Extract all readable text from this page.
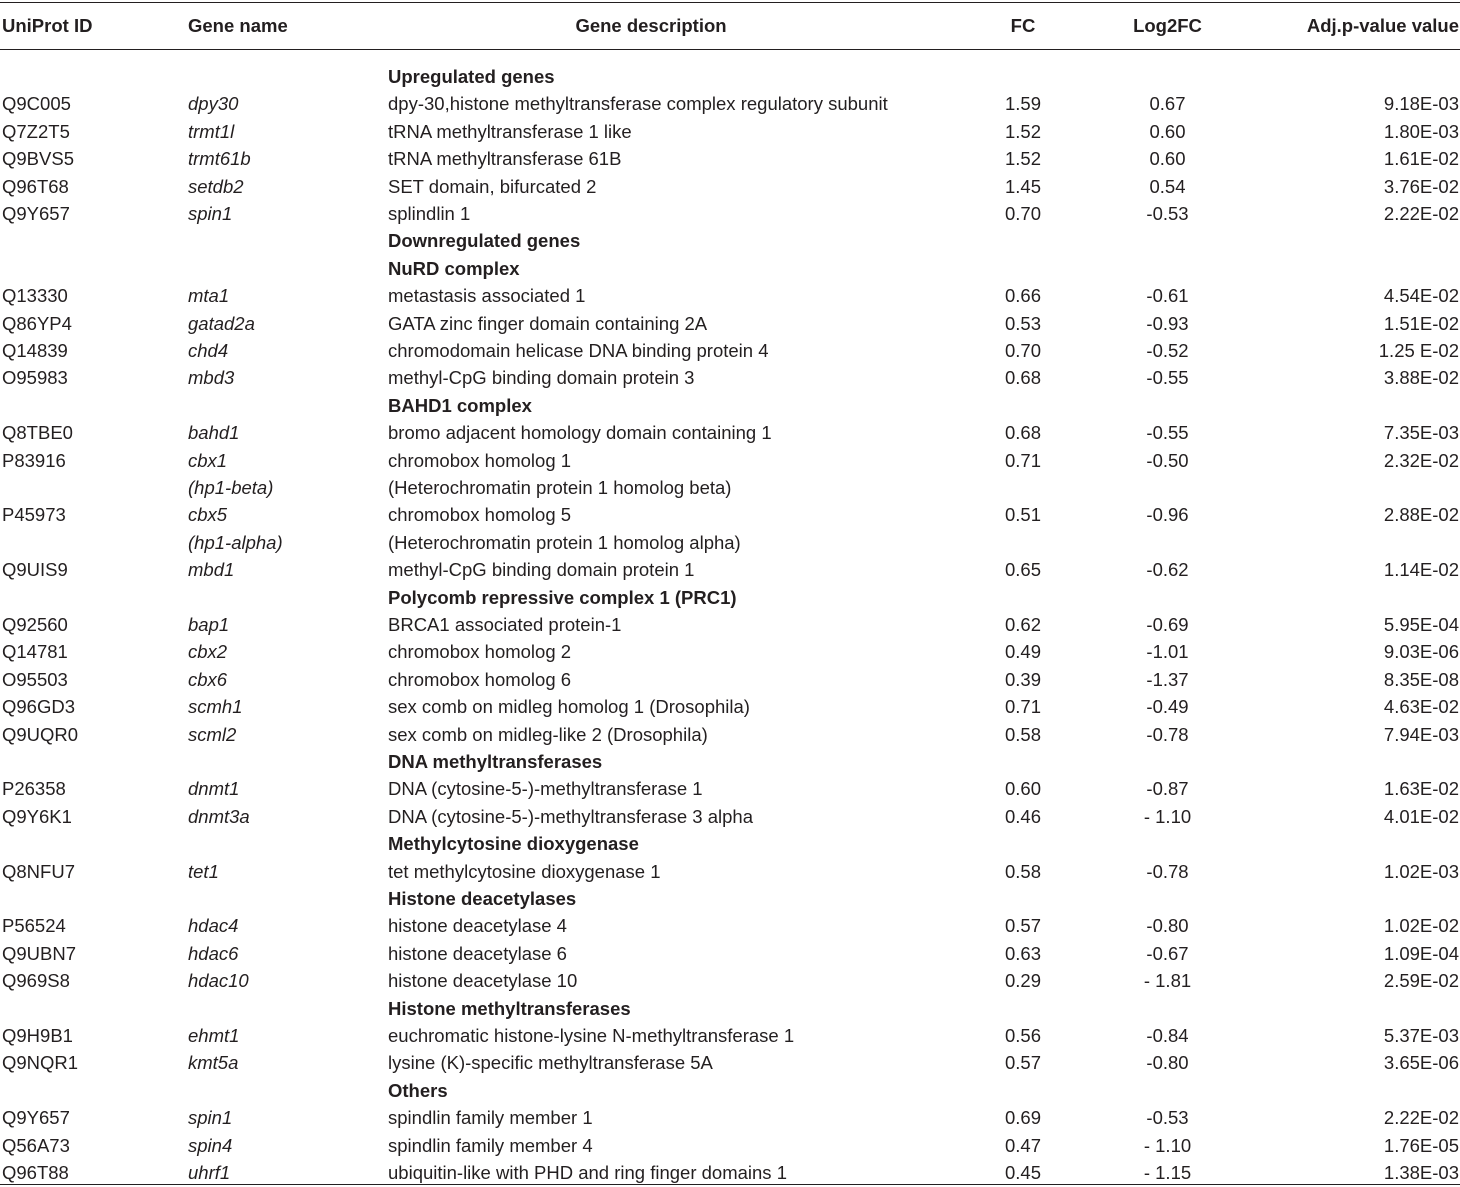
UniProt ID	Gene name	Gene description	FC	Log2FC	Adj.p-value value
Upregulated genes
Q9C005	dpy30	dpy-30,histone methyltransferase complex regulatory subunit	1.59	0.67	9.18E-03
Q7Z2T5	trmt1l	tRNA methyltransferase 1 like	1.52	0.60	1.80E-03
Q9BVS5	trmt61b	tRNA methyltransferase 61B	1.52	0.60	1.61E-02
Q96T68	setdb2	SET domain, bifurcated 2	1.45	0.54	3.76E-02
Q9Y657	spin1	splindlin 1	0.70	-0.53	2.22E-02
Downregulated genes
NuRD complex
Q13330	mta1	metastasis associated 1	0.66	-0.61	4.54E-02
Q86YP4	gatad2a	GATA zinc finger domain containing 2A	0.53	-0.93	1.51E-02
Q14839	chd4	chromodomain helicase DNA binding protein 4	0.70	-0.52	1.25 E-02
O95983	mbd3	methyl-CpG binding domain protein 3	0.68	-0.55	3.88E-02
BAHD1 complex
Q8TBE0	bahd1	bromo adjacent homology domain containing 1	0.68	-0.55	7.35E-03
P83916	cbx1	chromobox homolog 1	0.71	-0.50	2.32E-02
(hp1-beta)	(Heterochromatin protein 1 homolog beta)
P45973	cbx5	chromobox homolog 5	0.51	-0.96	2.88E-02
(hp1-alpha)	(Heterochromatin protein 1 homolog alpha)
Q9UIS9	mbd1	methyl-CpG binding domain protein 1	0.65	-0.62	1.14E-02
Polycomb repressive complex 1 (PRC1)
Q92560	bap1	BRCA1 associated protein-1	0.62	-0.69	5.95E-04
Q14781	cbx2	chromobox homolog 2	0.49	-1.01	9.03E-06
O95503	cbx6	chromobox homolog 6	0.39	-1.37	8.35E-08
Q96GD3	scmh1	sex comb on midleg homolog 1 (Drosophila)	0.71	-0.49	4.63E-02
Q9UQR0	scml2	sex comb on midleg-like 2 (Drosophila)	0.58	-0.78	7.94E-03
DNA methyltransferases
P26358	dnmt1	DNA (cytosine-5-)-methyltransferase 1	0.60	-0.87	1.63E-02
Q9Y6K1	dnmt3a	DNA (cytosine-5-)-methyltransferase 3 alpha	0.46	- 1.10	4.01E-02
Methylcytosine dioxygenase
Q8NFU7	tet1	tet methylcytosine dioxygenase 1	0.58	-0.78	1.02E-03
Histone deacetylases
P56524	hdac4	histone deacetylase 4	0.57	-0.80	1.02E-02
Q9UBN7	hdac6	histone deacetylase 6	0.63	-0.67	1.09E-04
Q969S8	hdac10	histone deacetylase 10	0.29	- 1.81	2.59E-02
Histone methyltransferases
Q9H9B1	ehmt1	euchromatic histone-lysine N-methyltransferase 1	0.56	-0.84	5.37E-03
Q9NQR1	kmt5a	lysine (K)-specific methyltransferase 5A	0.57	-0.80	3.65E-06
Others
Q9Y657	spin1	spindlin family member 1	0.69	-0.53	2.22E-02
Q56A73	spin4	spindlin family member 4	0.47	- 1.10	1.76E-05
Q96T88	uhrf1	ubiquitin-like with PHD and ring finger domains 1	0.45	- 1.15	1.38E-03
